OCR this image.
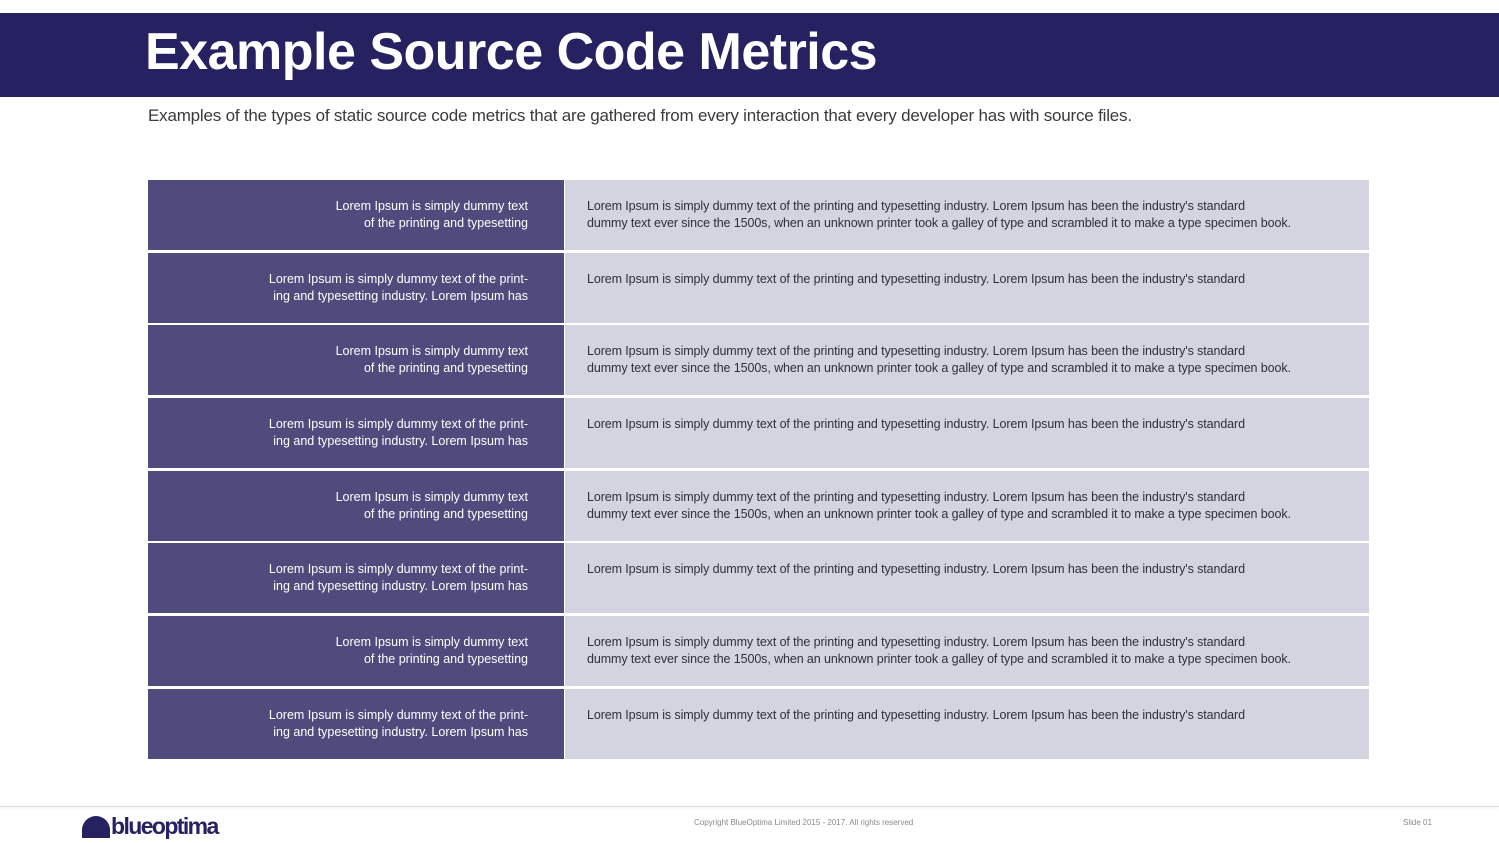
Example Source Code Metrics

Examples of the types of static source code metrics that are gathered from every interaction that every developer has with source files.

Lorem Ipsum is simply dummy text
of the printing and typesetting
Lorem Ipsum is simply dummy text of the printing and typesetting industry. Lorem Ipsum has been the industry's standard
dummy text ever since the 1500s, when an unknown printer took a galley of type and scrambled it to make a type specimen book.
Lorem Ipsum is simply dummy text of the print-
ing and typesetting industry. Lorem Ipsum has
Lorem Ipsum is simply dummy text of the printing and typesetting industry. Lorem Ipsum has been the industry's standard
Lorem Ipsum is simply dummy text
of the printing and typesetting
Lorem Ipsum is simply dummy text of the printing and typesetting industry. Lorem Ipsum has been the industry's standard
dummy text ever since the 1500s, when an unknown printer took a galley of type and scrambled it to make a type specimen book.
Lorem Ipsum is simply dummy text of the print-
ing and typesetting industry. Lorem Ipsum has
Lorem Ipsum is simply dummy text of the printing and typesetting industry. Lorem Ipsum has been the industry's standard
Lorem Ipsum is simply dummy text
of the printing and typesetting
Lorem Ipsum is simply dummy text of the printing and typesetting industry. Lorem Ipsum has been the industry's standard
dummy text ever since the 1500s, when an unknown printer took a galley of type and scrambled it to make a type specimen book.
Lorem Ipsum is simply dummy text of the print-
ing and typesetting industry. Lorem Ipsum has
Lorem Ipsum is simply dummy text of the printing and typesetting industry. Lorem Ipsum has been the industry's standard
Lorem Ipsum is simply dummy text
of the printing and typesetting
Lorem Ipsum is simply dummy text of the printing and typesetting industry. Lorem Ipsum has been the industry's standard
dummy text ever since the 1500s, when an unknown printer took a galley of type and scrambled it to make a type specimen book.
Lorem Ipsum is simply dummy text of the print-
ing and typesetting industry. Lorem Ipsum has
Lorem Ipsum is simply dummy text of the printing and typesetting industry. Lorem Ipsum has been the industry's standard
blueoptima	Copyright BlueOptima Limited 2015 - 2017. All rights reserved	Slide 01
